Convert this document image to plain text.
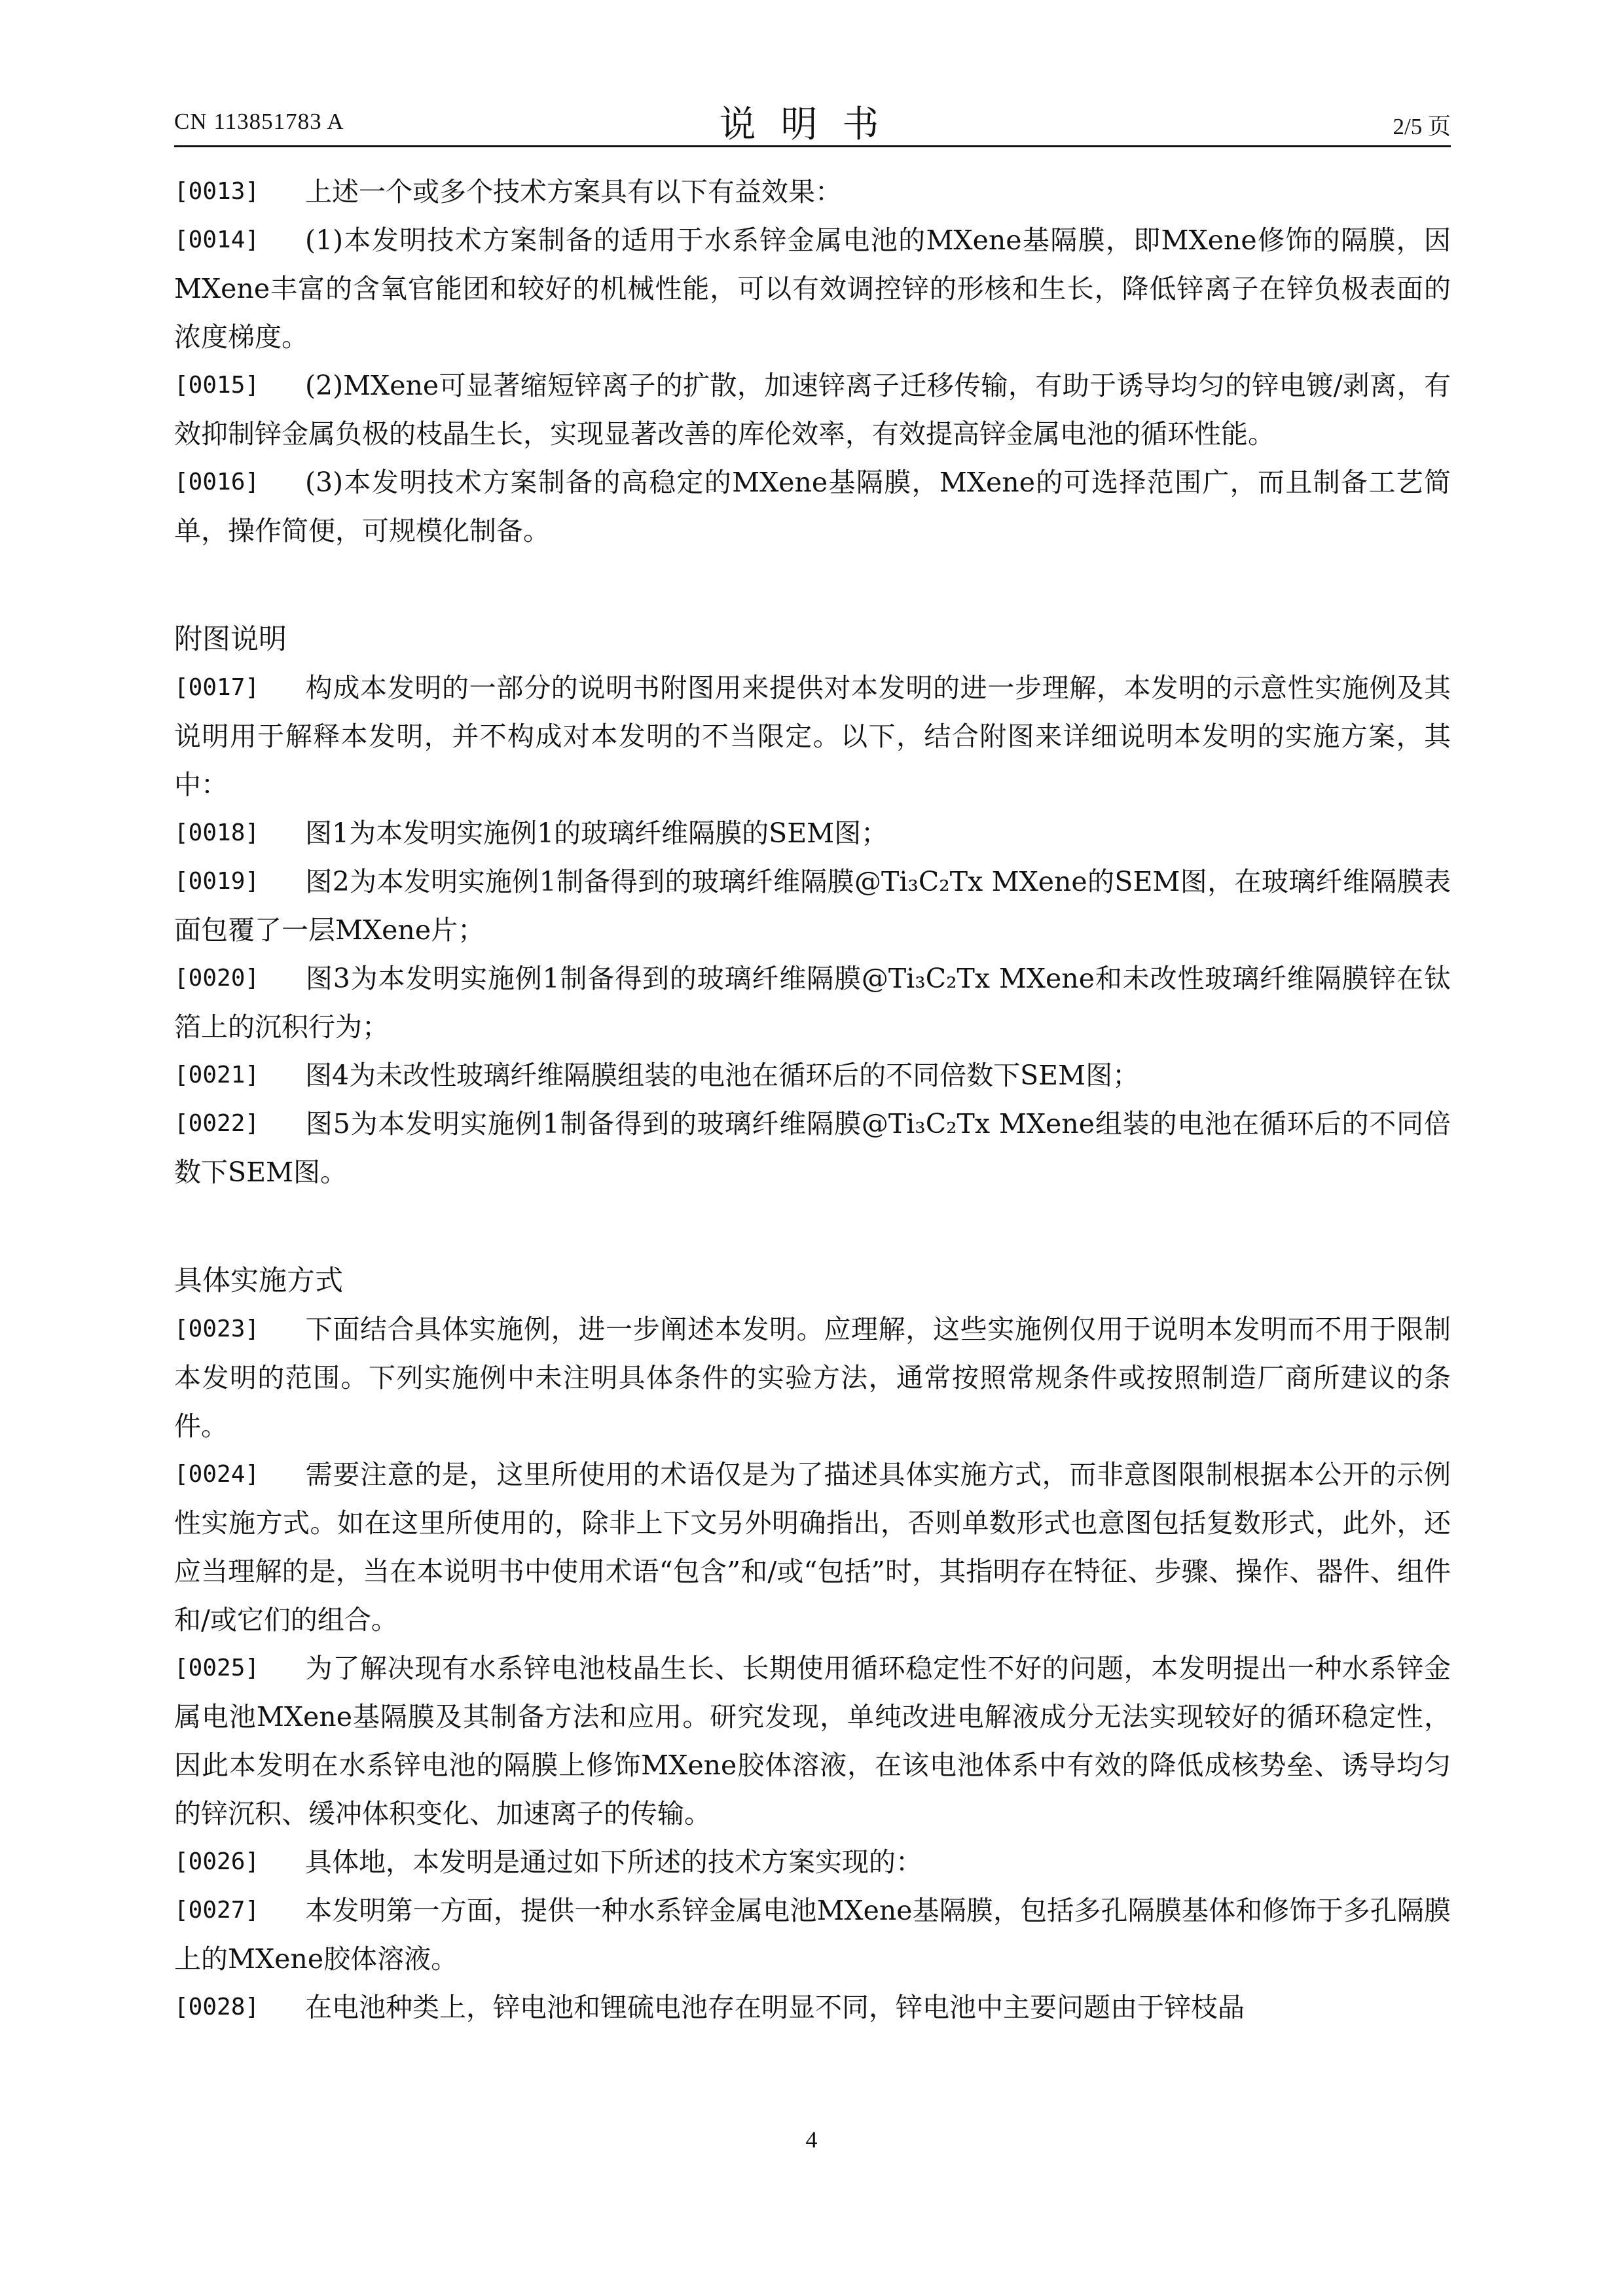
CN 113851783 A	说明书	2/5 页
[0013]	上述一个或多个技术方案具有以下有益效果：
[0014]	(1)本发明技术方案制备的适用于水系锌金属电池的MXene基隔膜，即MXene修饰的隔膜，因MXene丰富的含氧官能团和较好的机械性能，可以有效调控锌的形核和生长，降低锌离子在锌负极表面的浓度梯度。
[0015]	(2)MXene可显著缩短锌离子的扩散，加速锌离子迁移传输，有助于诱导均匀的锌电镀/剥离，有效抑制锌金属负极的枝晶生长，实现显著改善的库伦效率，有效提高锌金属电池的循环性能。
[0016]	(3)本发明技术方案制备的高稳定的MXene基隔膜，MXene的可选择范围广，而且制备工艺简单，操作简便，可规模化制备。
附图说明
[0017]	构成本发明的一部分的说明书附图用来提供对本发明的进一步理解，本发明的示意性实施例及其说明用于解释本发明，并不构成对本发明的不当限定。以下，结合附图来详细说明本发明的实施方案，其中：
[0018]	图1为本发明实施例1的玻璃纤维隔膜的SEM图；
[0019]	图2为本发明实施例1制备得到的玻璃纤维隔膜@Ti₃C₂Tx MXene的SEM图，在玻璃纤维隔膜表面包覆了一层MXene片；
[0020]	图3为本发明实施例1制备得到的玻璃纤维隔膜@Ti₃C₂Tx MXene和未改性玻璃纤维隔膜锌在钛箔上的沉积行为；
[0021]	图4为未改性玻璃纤维隔膜组装的电池在循环后的不同倍数下SEM图；
[0022]	图5为本发明实施例1制备得到的玻璃纤维隔膜@Ti₃C₂Tx MXene组装的电池在循环后的不同倍数下SEM图。
具体实施方式
[0023]	下面结合具体实施例，进一步阐述本发明。应理解，这些实施例仅用于说明本发明而不用于限制本发明的范围。下列实施例中未注明具体条件的实验方法，通常按照常规条件或按照制造厂商所建议的条件。
[0024]	需要注意的是，这里所使用的术语仅是为了描述具体实施方式，而非意图限制根据本公开的示例性实施方式。如在这里所使用的，除非上下文另外明确指出，否则单数形式也意图包括复数形式，此外，还应当理解的是，当在本说明书中使用术语“包含”和/或“包括”时，其指明存在特征、步骤、操作、器件、组件和/或它们的组合。
[0025]	为了解决现有水系锌电池枝晶生长、长期使用循环稳定性不好的问题，本发明提出一种水系锌金属电池MXene基隔膜及其制备方法和应用。研究发现，单纯改进电解液成分无法实现较好的循环稳定性，因此本发明在水系锌电池的隔膜上修饰MXene胶体溶液，在该电池体系中有效的降低成核势垒、诱导均匀的锌沉积、缓冲体积变化、加速离子的传输。
[0026]	具体地，本发明是通过如下所述的技术方案实现的：
[0027]	本发明第一方面，提供一种水系锌金属电池MXene基隔膜，包括多孔隔膜基体和修饰于多孔隔膜上的MXene胶体溶液。
[0028]	在电池种类上，锌电池和锂硫电池存在明显不同，锌电池中主要问题由于锌枝晶
4
